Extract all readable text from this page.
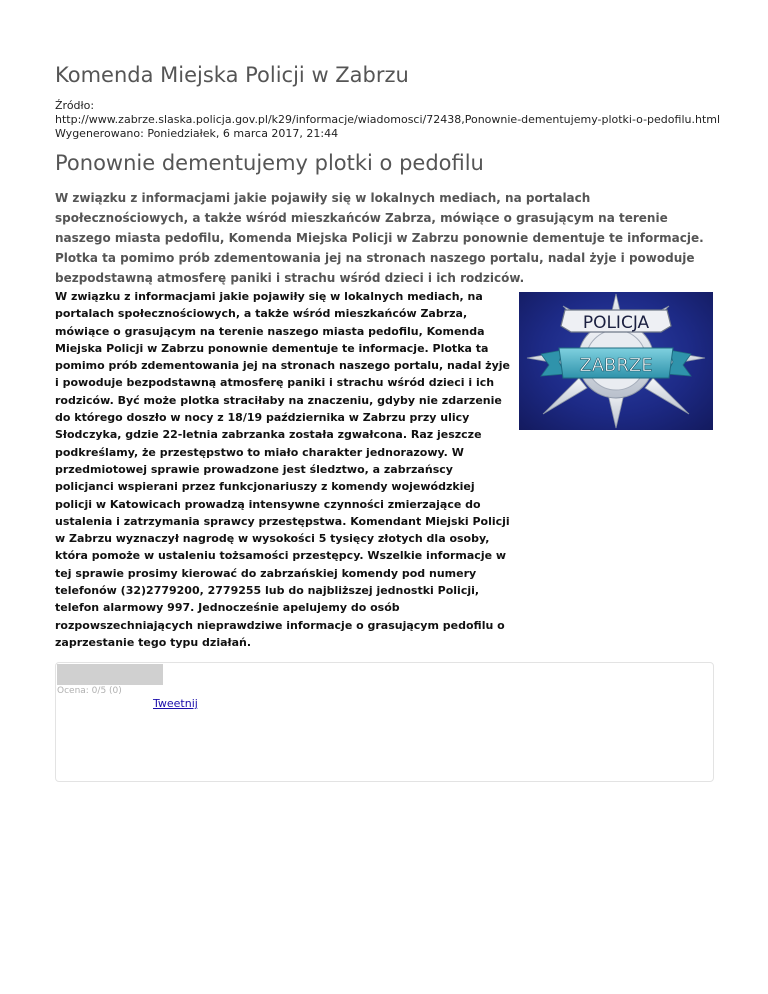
Komenda Miejska Policji w Zabrzu
Źródło:
http://www.zabrze.slaska.policja.gov.pl/k29/informacje/wiadomosci/72438,Ponownie-dementujemy-plotki-o-pedofilu.html
Wygenerowano: Poniedziałek, 6 marca 2017, 21:44
Ponownie dementujemy plotki o pedofilu

W związku z informacjami jakie pojawiły się w lokalnych mediach, na portalach społecznościowych, a także wśród mieszkańców Zabrza, mówiące o grasującym na terenie naszego miasta pedofilu, Komenda Miejska Policji w Zabrzu ponownie dementuje te informacje. Plotka ta pomimo prób zdementowania jej na stronach naszego portalu, nadal żyje i powoduje bezpodstawną atmosferę paniki i strachu wśród dzieci i ich rodziców.

POLICJA
ZABRZE

W związku z informacjami jakie pojawiły się w lokalnych mediach, na portalach społecznościowych, a także wśród mieszkańców Zabrza, mówiące o grasującym na terenie naszego miasta pedofilu, Komenda Miejska Policji w Zabrzu ponownie dementuje te informacje. Plotka ta pomimo prób zdementowania jej na stronach naszego portalu, nadal żyje i powoduje bezpodstawną atmosferę paniki i strachu wśród dzieci i ich rodziców. Być może plotka straciłaby na znaczeniu, gdyby nie zdarzenie do którego doszło w nocy z 18/19 października w Zabrzu przy ulicy Słodczyka, gdzie 22-letnia zabrzanka została zgwałcona. Raz jeszcze podkreślamy, że przestępstwo to miało charakter jednorazowy. W przedmiotowej sprawie prowadzone jest śledztwo, a zabrzańscy policjanci wspierani przez funkcjonariuszy z komendy wojewódzkiej policji w Katowicach prowadzą intensywne czynności zmierzające do ustalenia i zatrzymania sprawcy przestępstwa. Komendant Miejski Policji w Zabrzu wyznaczył nagrodę w wysokości 5 tysięcy złotych dla osoby, która pomoże w ustaleniu tożsamości przestępcy. Wszelkie informacje w tej sprawie prosimy kierować do zabrzańskiej komendy pod numery telefonów (32)2779200, 2779255 lub do najbliższej jednostki Policji, telefon alarmowy 997. Jednocześnie apelujemy do osób rozpowszechniających nieprawdziwe informacje o grasującym pedofilu o zaprzestanie tego typu działań.

Ocena: 0/5 (0)
Tweetnij
